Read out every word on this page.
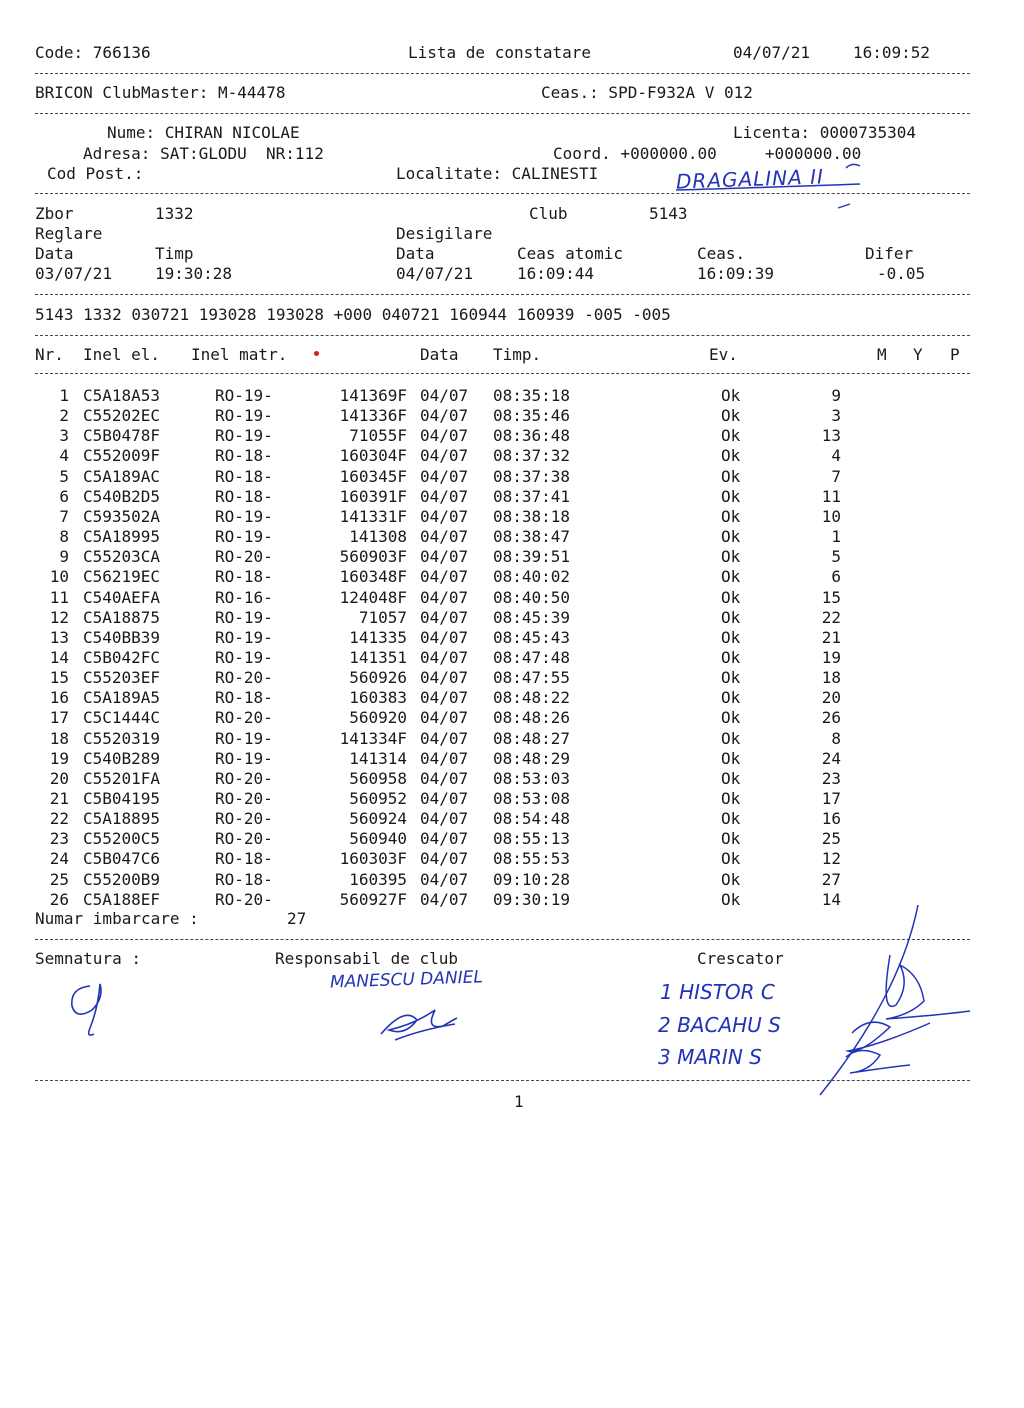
Code: 766136	Lista de constatare	04/07/21	16:09:52
BRICON ClubMaster: M-44478	Ceas.: SPD-F932A V 012
Nume: CHIRAN NICOLAE	Licenta: 0000735304
Adresa: SAT:GLODU  NR:112	Coord. +000000.00     +000000.00
Cod Post.:	Localitate: CALINESTI	DRAGALINA II
Zbor	1332	Club	5143
Reglare	Desigilare
Data	Timp	Data	Ceas atomic	Ceas.	Difer
03/07/21	19:30:28	04/07/21	16:09:44	16:09:39	-0.05
5143 1332 030721 193028 193028 +000 040721 160944 160939 -005 -005
Nr. Inel el. Inel matr.	Data Timp.	Ev.	M Y P
1 C5A18A53	RO-19-	141369F 04/07 08:35:18	Ok	9
2 C55202EC	RO-19-	141336F 04/07 08:35:46	Ok	3
3 C5B0478F	RO-19-	71055F 04/07 08:36:48	Ok	13
4 C552009F	RO-18-	160304F 04/07 08:37:32	Ok	4
5 C5A189AC	RO-18-	160345F 04/07 08:37:38	Ok	7
6 C540B2D5	RO-18-	160391F 04/07 08:37:41	Ok	11
7 C593502A	RO-19-	141331F 04/07 08:38:18	Ok	10
8 C5A18995	RO-19-	141308 04/07 08:38:47	Ok	1
9 C55203CA	RO-20-	560903F 04/07 08:39:51	Ok	5
10 C56219EC	RO-18-	160348F 04/07 08:40:02	Ok	6
11 C540AEFA	RO-16-	124048F 04/07 08:40:50	Ok	15
12 C5A18875	RO-19-	71057 04/07 08:45:39	Ok	22
13 C540BB39	RO-19-	141335 04/07 08:45:43	Ok	21
14 C5B042FC	RO-19-	141351 04/07 08:47:48	Ok	19
15 C55203EF	RO-20-	560926 04/07 08:47:55	Ok	18
16 C5A189A5	RO-18-	160383 04/07 08:48:22	Ok	20
17 C5C1444C	RO-20-	560920 04/07 08:48:26	Ok	26
18 C5520319	RO-19-	141334F 04/07 08:48:27	Ok	8
19 C540B289	RO-19-	141314 04/07 08:48:29	Ok	24
20 C55201FA	RO-20-	560958 04/07 08:53:03	Ok	23
21 C5B04195	RO-20-	560952 04/07 08:53:08	Ok	17
22 C5A18895	RO-20-	560924 04/07 08:54:48	Ok	16
23 C55200C5	RO-20-	560940 04/07 08:55:13	Ok	25
24 C5B047C6	RO-18-	160303F 04/07 08:55:53	Ok	12
25 C55200B9	RO-18-	160395 04/07 09:10:28	Ok	27
26 C5A188EF	RO-20-	560927F 04/07 09:30:19	Ok	14
Numar imbarcare :	27
Semnatura :	Responsabil de club	Crescator
MANESCU DANIEL	1 HISTOR C
2 BACAHU S
3 MARIN S
1
